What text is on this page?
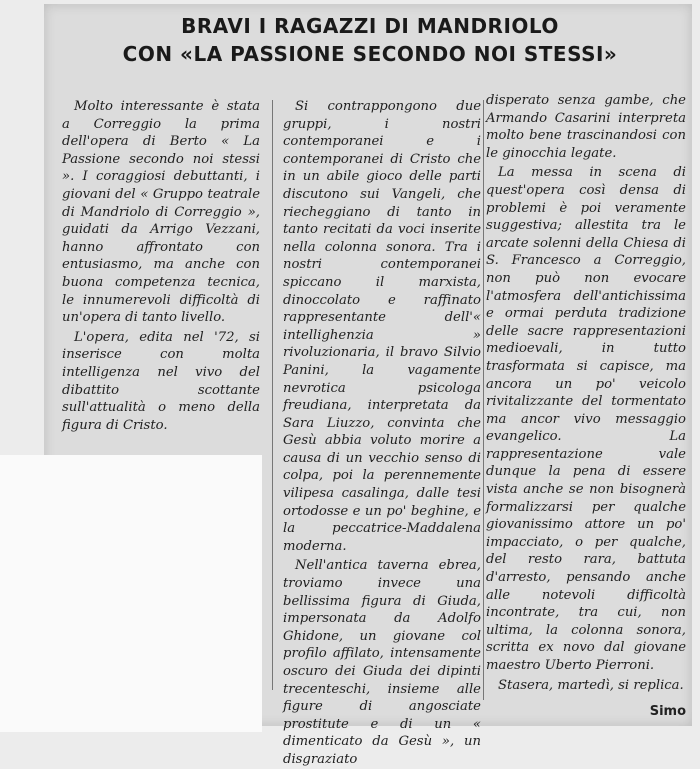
BRAVI I RAGAZZI DI MANDRIOLO
CON «LA PASSIONE SECONDO NOI STESSI»

Molto interessante è stata a Correggio la prima dell'opera di Berto « La Passione secondo noi stessi ». I coraggiosi debuttanti, i giovani del « Gruppo teatrale di Mandriolo di Correggio », guidati da Arrigo Vezzani, hanno affrontato con entusiasmo, ma anche con buona competenza tecnica, le innumerevoli difficoltà di un'opera di tanto livello.

L'opera, edita nel '72, si inserisce con molta intelligenza nel vivo del dibattito scottante sull'attualità o meno della figura di Cristo.

Si contrappongono due gruppi, i nostri contemporanei e i contemporanei di Cristo che in un abile gioco delle parti discutono sui Vangeli, che riecheggiano di tanto in tanto recitati da voci inserite nella colonna sonora. Tra i nostri contemporanei spiccano il marxista, dinoccolato e raffinato rappresentante dell'« intellighenzia » rivoluzionaria, il bravo Silvio Panini, la vagamente nevrotica psicologa freudiana, interpretata da Sara Liuzzo, convinta che Gesù abbia voluto morire a causa di un vecchio senso di colpa, poi la perennemente vilipesa casalinga, dalle tesi ortodosse e un po' beghine, e la peccatrice-Maddalena moderna.

Nell'antica taverna ebrea, troviamo invece una bellissima figura di Giuda, impersonata da Adolfo Ghidone, un giovane col profilo affilato, intensamente oscuro dei Giuda dei dipinti trecenteschi, insieme alle figure di angosciate prostitute e di un « dimenticato da Gesù », un disgraziato

disperato senza gambe, che Armando Casarini interpreta molto bene trascinandosi con le ginocchia legate.

La messa in scena di quest'opera così densa di problemi è poi veramente suggestiva; allestita tra le arcate solenni della Chiesa di S. Francesco a Correggio, non può non evocare l'atmosfera dell'antichissima e ormai perduta tradizione delle sacre rappresentazioni medioevali, in tutto trasformata si capisce, ma ancora un po' veicolo rivitalizzante del tormentato ma ancor vivo messaggio evangelico. La rappresentazione vale dunque la pena di essere vista anche se non bisognerà formalizzarsi per qualche giovanissimo attore un po' impacciato, o per qualche, del resto rara, battuta d'arresto, pensando anche alle notevoli difficoltà incontrate, tra cui, non ultima, la colonna sonora, scritta ex novo dal giovane maestro Uberto Pierroni.

Stasera, martedì, si replica.

Simo
